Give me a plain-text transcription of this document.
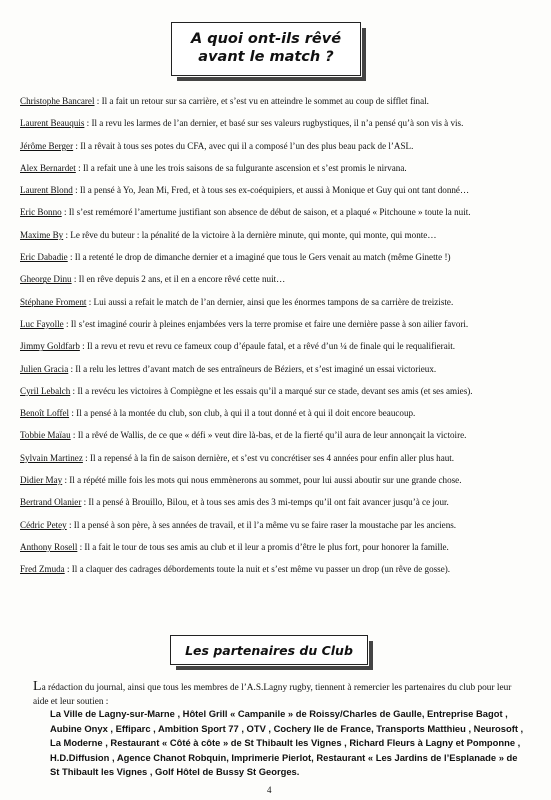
A quoi ont-ils rêvé
avant le match ?
Christophe Bancarel : Il a fait un retour sur sa carrière, et s’est vu en atteindre le sommet au coup de sifflet final.
Laurent Beauquis : Il a revu les larmes de l’an dernier, et basé sur ses valeurs rugbystiques, il n’a pensé qu’à son vis à vis.
Jérôme Berger : Il a rêvait à tous ses potes du CFA, avec qui il a composé l’un des plus beau pack de l’ASL.
Alex Bernardet : Il a refait une à une les trois saisons de sa fulgurante ascension et s’est promis le nirvana.
Laurent Blond : Il a pensé à Yo, Jean Mi, Fred, et à tous ses ex-coéquipiers, et aussi à Monique et Guy qui ont tant donné…
Eric Bonno : Il s’est remémoré l’amertume justifiant son absence de début de saison, et a plaqué « Pitchoune » toute la nuit.
Maxime By : Le rêve du buteur : la pénalité de la victoire à la dernière minute, qui monte, qui monte, qui monte…
Eric Dabadie : Il a retenté le drop de dimanche dernier et a imaginé que tous le Gers venait au match (même Ginette !)
Gheorge Dinu : Il en rêve depuis 2 ans, et il en a encore rêvé cette nuit…
Stéphane Froment : Lui aussi a refait le match de l’an dernier, ainsi que les énormes tampons de sa carrière de treiziste.
Luc Fayolle : Il s’est imaginé courir à pleines enjambées vers la terre promise et faire une dernière passe à son ailier favori.
Jimmy Goldfarb : Il a revu et revu et revu ce fameux coup d’épaule fatal, et a rêvé d’un ¼ de finale qui le requalifierait.
Julien Gracia : Il a relu les lettres d’avant match de ses entraîneurs de Béziers, et s’est imaginé un essai victorieux.
Cyril Lebalch : Il a revécu les victoires à Compiègne et les essais qu’il a marqué sur ce stade, devant ses amis (et ses amies).
Benoît Loffel : Il a pensé à la montée du club, son club, à qui il a tout donné et à qui il doit encore beaucoup.
Tobbie Maïau : Il a rêvé de Wallis, de ce que « défi » veut dire là-bas, et de la fierté qu’il aura de leur annonçait la victoire.
Sylvain Martinez : Il a repensé à la fin de saison dernière, et s’est vu concrétiser ses 4 années pour enfin aller plus haut.
Didier May : Il a répété mille fois les mots qui nous emmènerons au sommet, pour lui aussi aboutir sur une grande chose.
Bertrand Olanier : Il a pensé à Brouillo, Bilou, et à tous ses amis des 3 mi-temps qu’il ont fait avancer jusqu’à ce jour.
Cédric Petey : Il a pensé à son père, à ses années de travail, et il l’a même vu se faire raser la moustache par les anciens.
Anthony Rosell : Il a fait le tour de tous ses amis au club et il leur a promis d’être le plus fort, pour honorer la famille.
Fred Zmuda : Il a claquer des cadrages débordements toute la nuit et s’est même vu passer un drop (un rêve de gosse).
Les partenaires du Club

La rédaction du journal, ainsi que tous les membres de l’A.S.Lagny rugby, tiennent à remercier les partenaires du club pour leur aide et leur soutien :

La Ville de Lagny-sur-Marne , Hôtel Grill « Campanile » de Roissy/Charles de Gaulle, Entreprise Bagot , Aubine Onyx , Effiparc , Ambition Sport 77 , OTV , Cochery Ile de France, Transports Matthieu , Neurosoft , La Moderne , Restaurant « Côté à côte » de St Thibault les Vignes , Richard Fleurs à Lagny et Pomponne , H.D.Diffusion , Agence Chanot Robquin, Imprimerie Pierlot, Restaurant « Les Jardins de l’Esplanade » de St Thibault les Vignes , Golf Hôtel de Bussy St Georges.

4
